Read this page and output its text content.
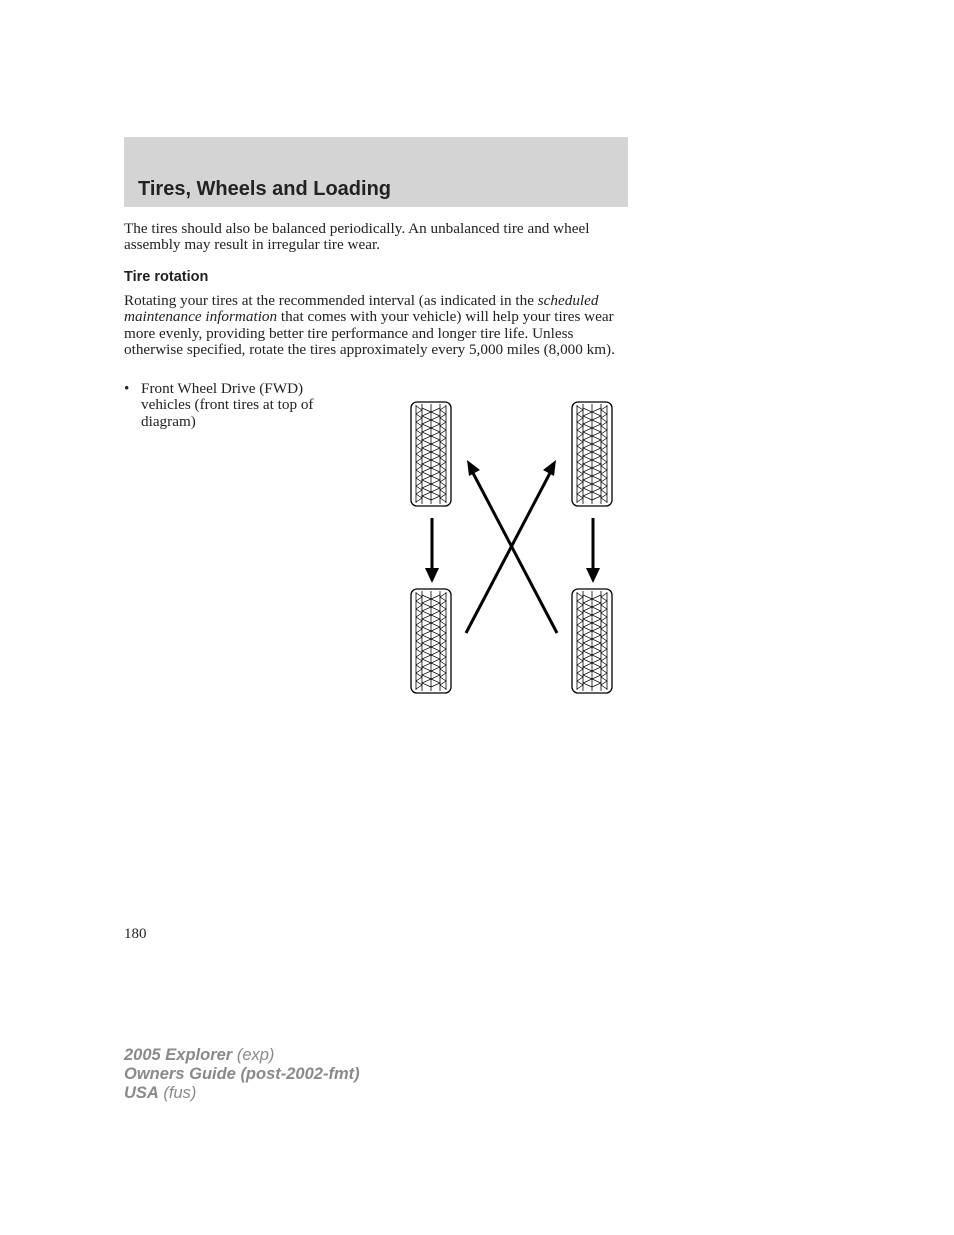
Tires, Wheels and Loading

The tires should also be balanced periodically. An unbalanced tire and wheel assembly may result in irregular tire wear.

Tire rotation

Rotating your tires at the recommended interval (as indicated in the scheduled maintenance information that comes with your vehicle) will help your tires wear more evenly, providing better tire performance and longer tire life. Unless otherwise specified, rotate the tires approximately every 5,000 miles (8,000 km).

• Front Wheel Drive (FWD) vehicles (front tires at top of diagram)
180
2005 Explorer (exp)
Owners Guide (post-2002-fmt)
USA (fus)
